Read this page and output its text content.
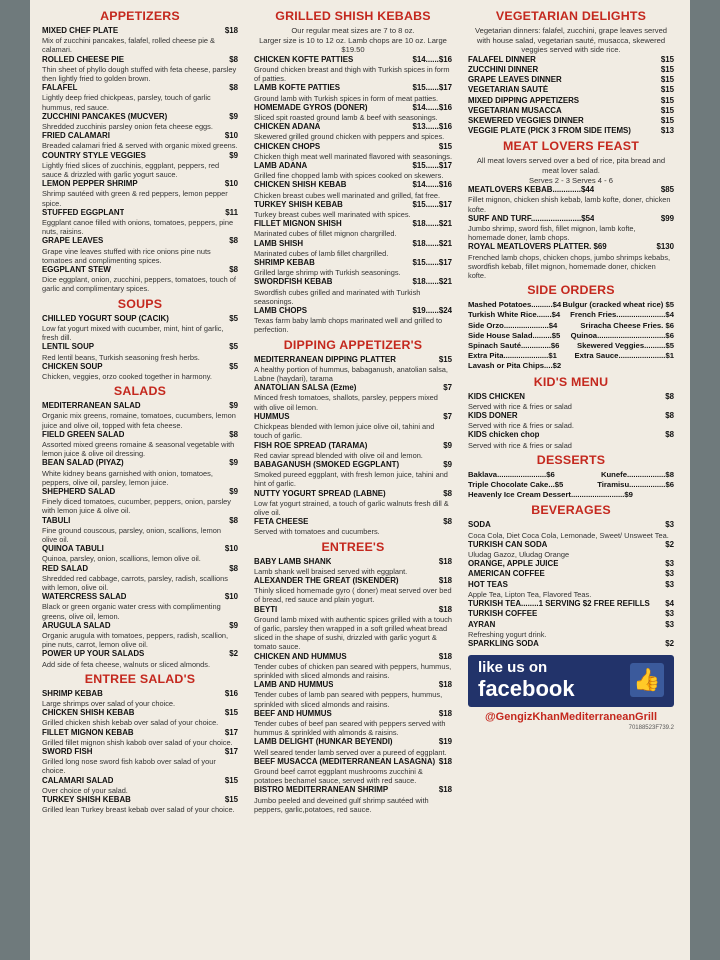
APPETIZERS
MIXED CHEF PLATE	$18
Mix of zucchini pancakes, falafel, rolled cheese pie & calamari.
ROLLED CHEESE PIE	$8
Thin sheet of phyllo dough stuffed with feta cheese, parsley then lightly fried to golden brown.
FALAFEL	$8
Lightly deep fried chickpeas, parsley, touch of garlic hummus, red sauce.
ZUCCHINI PANCAKES (MUCVER)	$9
Shredded zucchinis parsley onion feta cheese eggs.
FRIED CALAMARI	$10
Breaded calamari fried & served with organic mixed greens.
COUNTRY STYLE VEGGIES	$9
Lightly fried slices of zucchinis, eggplant, peppers, red sauce & drizzled with garlic yogurt sauce.
LEMON PEPPER SHRIMP	$10
Shrimp sautéed with green & red peppers, lemon pepper spice.
STUFFED EGGPLANT	$11
Eggplant canoe filled with onions, tomatoes, peppers, pine nuts, raisins.
GRAPE LEAVES	$8
Grape vine leaves stuffed with rice onions pine nuts tomatoes and complimenting spices.
EGGPLANT STEW	$8
Dice eggplant, onion, zucchini, peppers, tomatoes, touch of garlic and complimentary spices.
SOUPS
CHILLED YOGURT SOUP (CACIK)	$5
Low fat yogurt mixed with cucumber, mint, hint of garlic, fresh dill.
LENTIL SOUP	$5
Red lentil beans, Turkish seasoning fresh herbs.
CHICKEN SOUP	$5
Chicken, veggies, orzo cooked together in harmony.
SALADS
MEDITERRANEAN SALAD	$9
Organic mix greens, romaine, tomatoes, cucumbers, lemon juice and olive oil, topped with feta cheese.
FIELD GREEN SALAD	$8
Assorted mixed greens romaine & seasonal vegetable with lemon juice & olive oil dressing.
BEAN SALAD (PIYAZ)	$9
White kidney beans garnished with onion, tomatoes, peppers, olive oil, parsley, lemon juice.
SHEPHERD SALAD	$9
Finely diced tomatoes, cucumber, peppers, onion, parsley with lemon juice & olive oil.
TABULI	$8
Fine ground couscous, parsley, onion, scallions, lemon olive oil.
QUINOA TABULI	$10
Quinoa, parsley, onion, scallions, lemon olive oil.
RED SALAD	$8
Shredded red cabbage, carrots, parsley, radish, scallions with lemon, olive oil.
WATERCRESS SALAD	$10
Black or green organic water cress with complimenting greens, olive oil, lemon.
ARUGULA SALAD	$9
Organic arugula with tomatoes, peppers, radish, scallion, pine nuts, carrot, lemon olive oil.
POWER UP YOUR SALADS	$2
Add side of feta cheese, walnuts or sliced almonds.
ENTREE SALAD'S
SHRIMP KEBAB	$16
Large shrimps over salad of your choice.
CHICKEN SHISH KEBAB	$15
Grilled chicken shish kebab over salad of your choice.
FILLET MIGNON KEBAB	$17
Grilled fillet mignon shish kabob over salad of your choice.
SWORD FISH	$17
Grilled long nose sword fish kabob over salad of your choice.
CALAMARI SALAD	$15
Over choice of your salad.
TURKEY SHISH KEBAB	$15
Grilled lean Turkey breast kebab over salad of your choice.
GRILLED SHISH KEBABS
Our regular meat sizes are 7 to 8 oz.
Larger size is 10 to 12 oz. Lamb chops are 10 oz. Large $19.50
CHICKEN KOFTE PATTIES	$14......$16
Ground chicken breast and thigh with Turkish spices in form of patties.
LAMB KOFTE PATTIES	$15......$17
Ground lamb with Turkish spices in form of meat patties.
HOMEMADE GYROS (DONER)	$14......$16
Sliced spit roasted ground lamb & beef with seasonings.
CHICKEN ADANA	$13......$16
Skewered grilled ground chicken with peppers and spices.
CHICKEN CHOPS	$15
Chicken thigh meat well marinated flavored with seasonings.
LAMB ADANA	$15......$17
Grilled fine chopped lamb with spices cooked on skewers.
CHICKEN SHISH KEBAB	$14......$16
Chicken breast cubes well marinated and grilled, fat free.
TURKEY SHISH KEBAB	$15......$17
Turkey breast cubes well marinated with spices.
FILLET MIGNON SHISH	$18......$21
Marinated cubes of fillet mignon chargrilled.
LAMB SHISH	$18......$21
Marinated cubes of lamb fillet chargrilled.
SHRIMP KEBAB	$15......$17
Grilled large shrimp with Turkish seasonings.
SWORDFISH KEBAB	$18......$21
Swordfish cubes grilled and marinated with Turkish seasonings.
LAMB CHOPS	$19......$24
Texas farm baby lamb chops marinated well and grilled to perfection.
DIPPING APPETIZER'S
MEDITERRANEAN DIPPING PLATTER	$15
A healthy portion of hummus, babaganush, anatolian salsa, Labne (haydari), tarama
ANATOLIAN SALSA (Ezme)	$7
Minced fresh tomatoes, shallots, parsley, peppers mixed with olive oil lemon.
HUMMUS	$7
Chickpeas blended with lemon juice olive oil, tahini and touch of garlic.
FISH ROE SPREAD (TARAMA)	$9
Red caviar spread blended with olive oil and lemon.
BABAGANUSH (SMOKED EGGPLANT)	$9
Smoked pureed eggplant, with fresh lemon juice, tahini and hint of garlic.
NUTTY YOGURT SPREAD (LABNE)	$8
Low fat yogurt strained, a touch of garlic walnuts fresh dill & olive oil.
FETA CHEESE	$8
Served with tomatoes and cucumbers.
ENTREE'S
BABY LAMB SHANK	$18
Lamb shank well braised served with eggplant.
ALEXANDER THE GREAT (ISKENDER)	$18
Thinly sliced homemade gyro ( doner) meat served over bed of bread, red sauce and plain yogurt.
BEYTI	$18
Ground lamb mixed with authentic spices grilled with a touch of garlic, parsley then wrapped in a soft grilled wheat bread sliced in the shape of sushi, drizzled with garlic yogurt & tomato sauce.
CHICKEN AND HUMMUS	$18
Tender cubes of chicken pan seared with peppers, hummus, sprinkled with sliced almonds and raisins.
LAMB AND HUMMUS	$18
Tender cubes of lamb pan seared with peppers, hummus, sprinkled with sliced almonds and raisins.
BEEF AND HUMMUS	$18
Tender cubes of beef pan seared with peppers served with hummus & sprinkled with almonds & raisins.
LAMB DELIGHT (HUNKAR BEYENDI)	$19
Well seared tender lamb served over a pureed of eggplant.
BEEF MUSACCA (MEDITERRANEAN LASAGNA) $18
Ground beef carrot eggplant mushrooms zucchini & potatoes bechamel sauce, served with red sauce.
BISTRO MEDITERRANEAN SHRIMP	$18
Jumbo peeled and deveined gulf shrimp sautéed with peppers, garlic,potatoes, red sauce.
VEGETARIAN DELIGHTS
Vegetarian dinners: falafel, zucchini, grape leaves served with house salad, vegetarian sauté, musacca, skewered veggies served with side rice.
FALAFEL DINNER	$15
ZUCCHINI DINNER	$15
GRAPE LEAVES DINNER	$15
VEGETARIAN SAUTÉ	$15
MIXED DIPPING APPETIZERS	$15
VEGETARIAN MUSACCA	$15
SKEWERED VEGGIES DINNER	$15
VEGGIE PLATE (PICK 3 FROM SIDE ITEMS)	$13
MEAT LOVERS FEAST
All meat lovers served over a bed of rice, pita bread and meat lover salad.
Serves 2 - 3 Serves 4 - 6
MEATLOVERS KEBAB.............$44	$85
Fillet mignon, chicken shish kebab, lamb kofte, doner, chicken kofte.
SURF AND TURF.......................$54	$99
Jumbo shrimp, sword fish, fillet mignon, lamb kofte, homemade doner, lamb chops.
ROYAL MEATLOVERS PLATTER. $69	$130
Frenched lamb chops, chicken chops, jumbo shrimps kebabs, swordfish kebab, fillet mignon, homemade doner, chicken kofte.
SIDE ORDERS
Mashed Potatoes..........$4 Bulgur (cracked wheat rice) $5
Turkish White Rice.......$4 French Fries.......................$4
Side Orzo.....................$4	Sriracha Cheese Fries. $6
Side House Salad.........$5 Quinoa................................$6
Spinach Sauté..............$6 Skewered Veggies..........$5
Extra Pita.....................$1 Extra Sauce......................$1
Lavash or Pita Chips....$2
KID'S MENU
KIDS CHICKEN	$8
Served with rice & fries or salad
KIDS DONER	$8
Served with rice & fries or salad.
KIDS chicken chop	$8
Served with rice & fries or salad
DESSERTS
Baklava.......................$6	Kunefe..................$8
Triple Chocolate Cake...$5	Tiramisu.................$6
Heavenly Ice Cream Dessert.........................$9
BEVERAGES
SODA	$3
Coca Cola, Diet Coca Cola, Lemonade, Sweet/ Unsweet Tea.
TURKISH CAN SODA	$2
Uludag Gazoz, Uludag Orange
ORANGE, APPLE JUICE	$3
AMERICAN COFFEE	$3
HOT TEAS	$3
Apple Tea, Lipton Tea, Flavored Teas.
TURKISH TEA........1 SERVING $2 FREE REFILLS	$4
TURKISH COFFEE	$3
AYRAN	$3
Refreshing yogurt drink.
SPARKLING SODA	$2
like us on
facebook	👍
@GengizKhanMediterraneanGrill
70188523F739.2
